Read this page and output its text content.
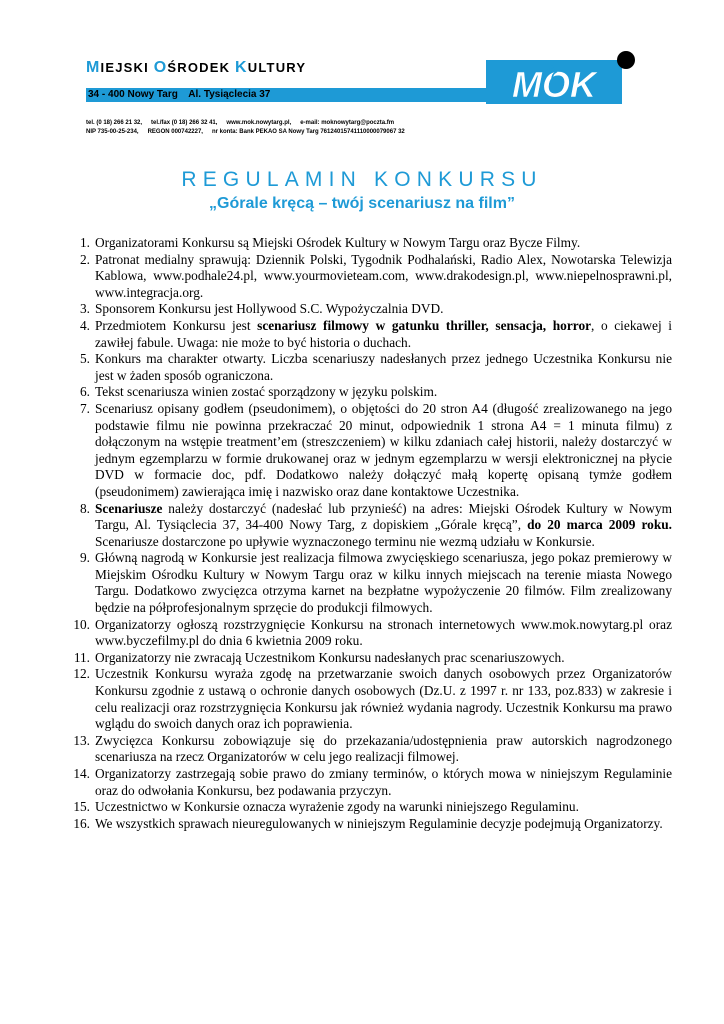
MIEJSKI OŚRODEK KULTURY
34 - 400 Nowy Targ Al. Tysiąclecia 37	MOK
tel. (0 18) 266 21 32, tel./fax (0 18) 266 32 41, www.mok.nowytarg.pl, e-mail: moknowytarg@poczta.fm
NIP 735-00-25-234, REGON 000742227, nr konta: Bank PEKAO SA Nowy Targ 76124015741110000079067 32
REGULAMIN KONKURSU
„Górale kręcą – twój scenariusz na film”
1. Organizatorami Konkursu są Miejski Ośrodek Kultury w Nowym Targu oraz Bycze Filmy.
2. Patronat medialny sprawują: Dziennik Polski, Tygodnik Podhalański, Radio Alex, Nowotarska Telewizja Kablowa, www.podhale24.pl, www.yourmovieteam.com, www.drakodesign.pl, www.niepelnosprawni.pl, www.integracja.org.
3. Sponsorem Konkursu jest Hollywood S.C. Wypożyczalnia DVD.
4. Przedmiotem Konkursu jest scenariusz filmowy w gatunku thriller, sensacja, horror, o ciekawej i zawiłej fabule. Uwaga: nie może to być historia o duchach.
5. Konkurs ma charakter otwarty. Liczba scenariuszy nadesłanych przez jednego Uczestnika Konkursu nie jest w żaden sposób ograniczona.
6. Tekst scenariusza winien zostać sporządzony w języku polskim.
7. Scenariusz opisany godłem (pseudonimem), o objętości do 20 stron A4 (długość zrealizowanego na jego podstawie filmu nie powinna przekraczać 20 minut, odpowiednik 1 strona A4 = 1 minuta filmu) z dołączonym na wstępie treatment’em (streszczeniem) w kilku zdaniach całej historii, należy dostarczyć w jednym egzemplarzu w formie drukowanej oraz w jednym egzemplarzu w wersji elektronicznej na płycie DVD w formacie doc, pdf. Dodatkowo należy dołączyć małą kopertę opisaną tymże godłem (pseudonimem) zawierająca imię i nazwisko oraz dane kontaktowe Uczestnika.
8. Scenariusze należy dostarczyć (nadesłać lub przynieść) na adres: Miejski Ośrodek Kultury w Nowym Targu, Al. Tysiąclecia 37, 34-400 Nowy Targ, z dopiskiem „Górale kręcą”, do 20 marca 2009 roku. Scenariusze dostarczone po upływie wyznaczonego terminu nie wezmą udziału w Konkursie.
9. Główną nagrodą w Konkursie jest realizacja filmowa zwycięskiego scenariusza, jego pokaz premierowy w Miejskim Ośrodku Kultury w Nowym Targu oraz w kilku innych miejscach na terenie miasta Nowego Targu. Dodatkowo zwycięzca otrzyma karnet na bezpłatne wypożyczenie 20 filmów. Film zrealizowany będzie na półprofesjonalnym sprzęcie do produkcji filmowych.
10. Organizatorzy ogłoszą rozstrzygnięcie Konkursu na stronach internetowych www.mok.nowytarg.pl oraz www.byczefilmy.pl do dnia 6 kwietnia 2009 roku.
11. Organizatorzy nie zwracają Uczestnikom Konkursu nadesłanych prac scenariuszowych.
12. Uczestnik Konkursu wyraża zgodę na przetwarzanie swoich danych osobowych przez Organizatorów Konkursu zgodnie z ustawą o ochronie danych osobowych (Dz.U. z 1997 r. nr 133, poz.833) w zakresie i celu realizacji oraz rozstrzygnięcia Konkursu jak również wydania nagrody. Uczestnik Konkursu ma prawo wglądu do swoich danych oraz ich poprawienia.
13. Zwycięzca Konkursu zobowiązuje się do przekazania/udostępnienia praw autorskich nagrodzonego scenariusza na rzecz Organizatorów w celu jego realizacji filmowej.
14. Organizatorzy zastrzegają sobie prawo do zmiany terminów, o których mowa w niniejszym Regulaminie oraz do odwołania Konkursu, bez podawania przyczyn.
15. Uczestnictwo w Konkursie oznacza wyrażenie zgody na warunki niniejszego Regulaminu.
16. We wszystkich sprawach nieuregulowanych w niniejszym Regulaminie decyzje podejmują Organizatorzy.
